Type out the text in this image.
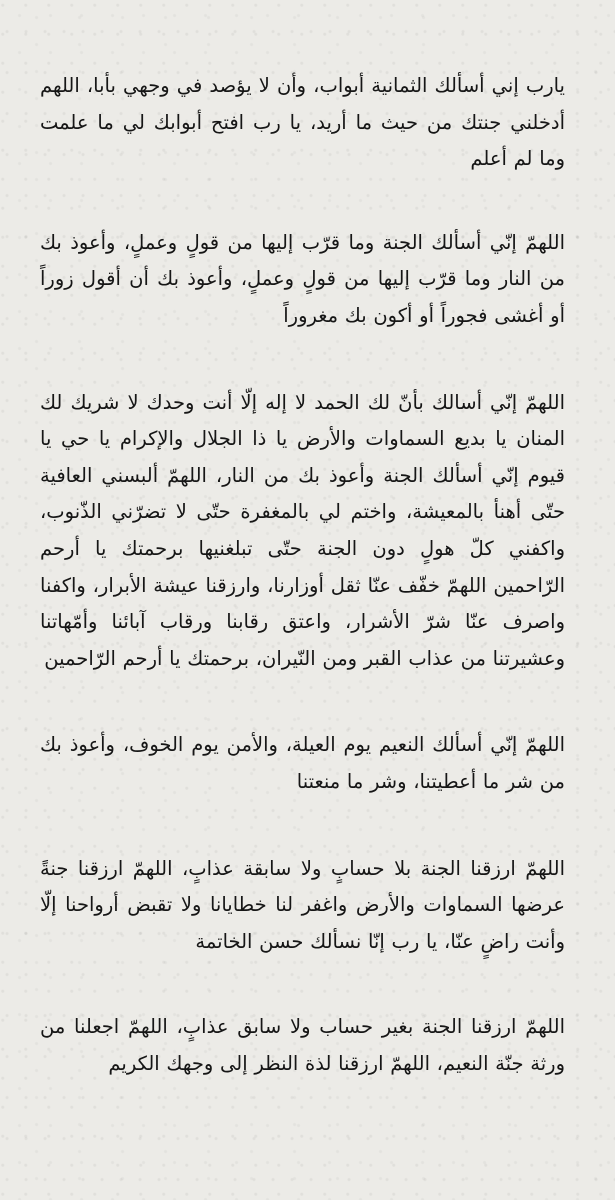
يارب إني أسألك الثمانية أبواب، وأن لا يؤصد في وجهي بأبا، اللهم أدخلني جنتك من حيث ما أريد، يا رب افتح أبوابك لي ما علمت وما لم أعلم

اللهمّ إنّي أسألك الجنة وما قرّب إليها من قولٍ وعملٍ، وأعوذ بك من النار وما قرّب إليها من قولٍ وعملٍ، وأعوذ بك أن أقول زوراً أو أغشى فجوراً أو أكون بك مغروراً

اللهمّ إنّي أسالك بأنّ لك الحمد لا إله إلّا أنت وحدك لا شريك لك المنان يا بديع السماوات والأرض يا ذا الجلال والإكرام يا حي يا قيوم إنّي أسألك الجنة وأعوذ بك من النار، اللهمّ ألبسني العافية حتّى أهنأ بالمعيشة، واختم لي بالمغفرة حتّى لا تضرّني الذّنوب، واكفني كلّ هولٍ دون الجنة حتّى تبلغنيها برحمتك يا أرحم الرّاحمين اللهمّ خفّف عنّا ثقل أوزارنا، وارزقنا عيشة الأبرار، واكفنا واصرف عنّا شرّ الأشرار، واعتق رقابنا ورقاب آبائنا وأمّهاتنا وعشيرتنا من عذاب القبر ومن النّيران، برحمتك يا أرحم الرّاحمين

اللهمّ إنّي أسألك النعيم يوم العيلة، والأمن يوم الخوف، وأعوذ بك من شر ما أعطيتنا، وشر ما منعتنا

اللهمّ ارزقنا الجنة بلا حسابٍ ولا سابقة عذابٍ، اللهمّ ارزقنا جنةً عرضها السماوات والأرض واغفر لنا خطايانا ولا تقبض أرواحنا إلّا وأنت راضٍ عنّا، يا رب إنّا نسألك حسن الخاتمة

اللهمّ ارزقنا الجنة بغير حساب ولا سابق عذابٍ، اللهمّ اجعلنا من ورثة جنّة النعيم، اللهمّ ارزقنا لذة النظر إلى وجهك الكريم
